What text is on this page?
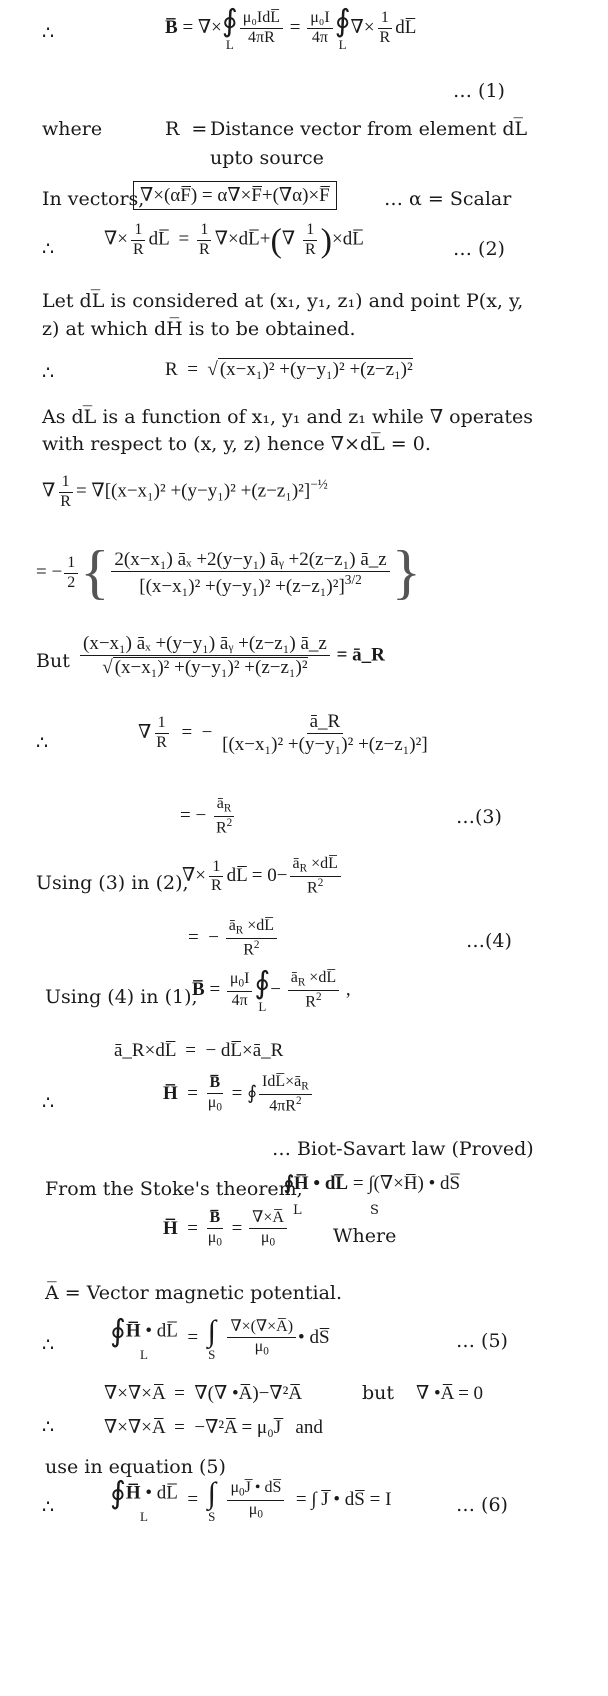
∴	B̅ = ∇× ∮
L $\frac{\text{μ₀IdL̅}}{4\pi R} = \frac{\text{μ₀I}}{4\pi}$ ∮
L
∇× $\frac{1}{R}$ dL̅
… (1)
where	R = Distance vector from element dL̅
upto source
In vectors,
∇×(αF̅) = α∇×F̅+(∇α)×F̅	… α = Scalar
∴	∇× $\frac{1}{R}$ dL̅  = $\frac{1}{R}$ ∇×dL̅+(∇ $\frac{1}{R}$ )×dL̅	… (2)
Let dL̅ is considered at (x₁, y₁, z₁) and point P(x, y,
z) at which dH̅ is to be obtained.
∴	R =  √ (x−x₁)² +(y−y₁)² +(z−z₁)²
As dL̅ is a function of x₁, y₁ and z₁ while ∇ operates
with respect to (x, y, z) hence ∇×dL̅ = 0.
∇ $\frac{1}{R} = \nabla[(x-x_1)^2 +(y-y_1)^2 +(z-z_1)^2]^{-\frac{1}{2}}$
= − $\frac{1}{2}$ { $\frac{\text{2(x−x₁) āₓ +2(y−y₁) āᵧ +2(z−z₁) ā\_z}}{[(x-x_1)^2 +(y-y_1)^2 +(z-z_1)^2]^{3/2}}$ }
But $\frac{\text{(x−x₁) āₓ +(y−y₁) āᵧ +(z−z₁) ā\_z}}{\text{√ (x−x₁)² +(y−y₁)² +(z−z₁)²}}$ = ā_R
∴	∇ $\frac{1}{R}$ =  − $\frac{ā\_R}{\text{[(x−x₁)² +(y−y₁)² +(z−z₁)²]}}$
= − $\frac{ā_R}{R^2}$	…(3)
Using (3) in (2),
∇× $\frac{1}{R}$ dL̅ = $0- \frac{ā_R \times dL̅}{R^2}$
=  − $\frac{ā_R \times dL̅}{R^2}$	…(4)
Using (4) in (1),
B̅ = $\frac{\mu_0I}{4\pi}$ ∮
L
− $\frac{ā_R \times dL̅}{R^2}$ ,
ā_R×dL̅ = − dL̅×ā_R
∴	H̅  = $\frac{B̅}{\mu_0}$ = ∮ $\frac{IdL̅\times ā_R}{4\pi R^2}$
… Biot-Savart law (Proved)
From the Stoke's theorem,
∮H̅ • dL̅ = ∫(∇×H̅) • dS̅
L	S
H̅  = $\frac{B̅}{\mu_0} = \frac{\nabla\times A̅}{\mu_0}$ Where
A̅ = Vector magnetic potential.
∴ ∮H̅ • dL̅
L
= ∫
S
$\frac{\nabla\times(\nabla\times A̅)}{\mu_0}$ • dS̅	… (5)
∇×∇×A̅  =  ∇(∇ •A̅)−∇²A̅	but ∇ •A̅ = 0
∴	∇×∇×A̅  =  −∇²A̅ = μ₀J̅ and
use in equation (5)
∴ ∮H̅ • dL̅
L
= ∫
S
$\frac{\mu_0J̅ • dS̅}{\mu_0}$ = ∫ J̅ • dS̅ = I	… (6)
